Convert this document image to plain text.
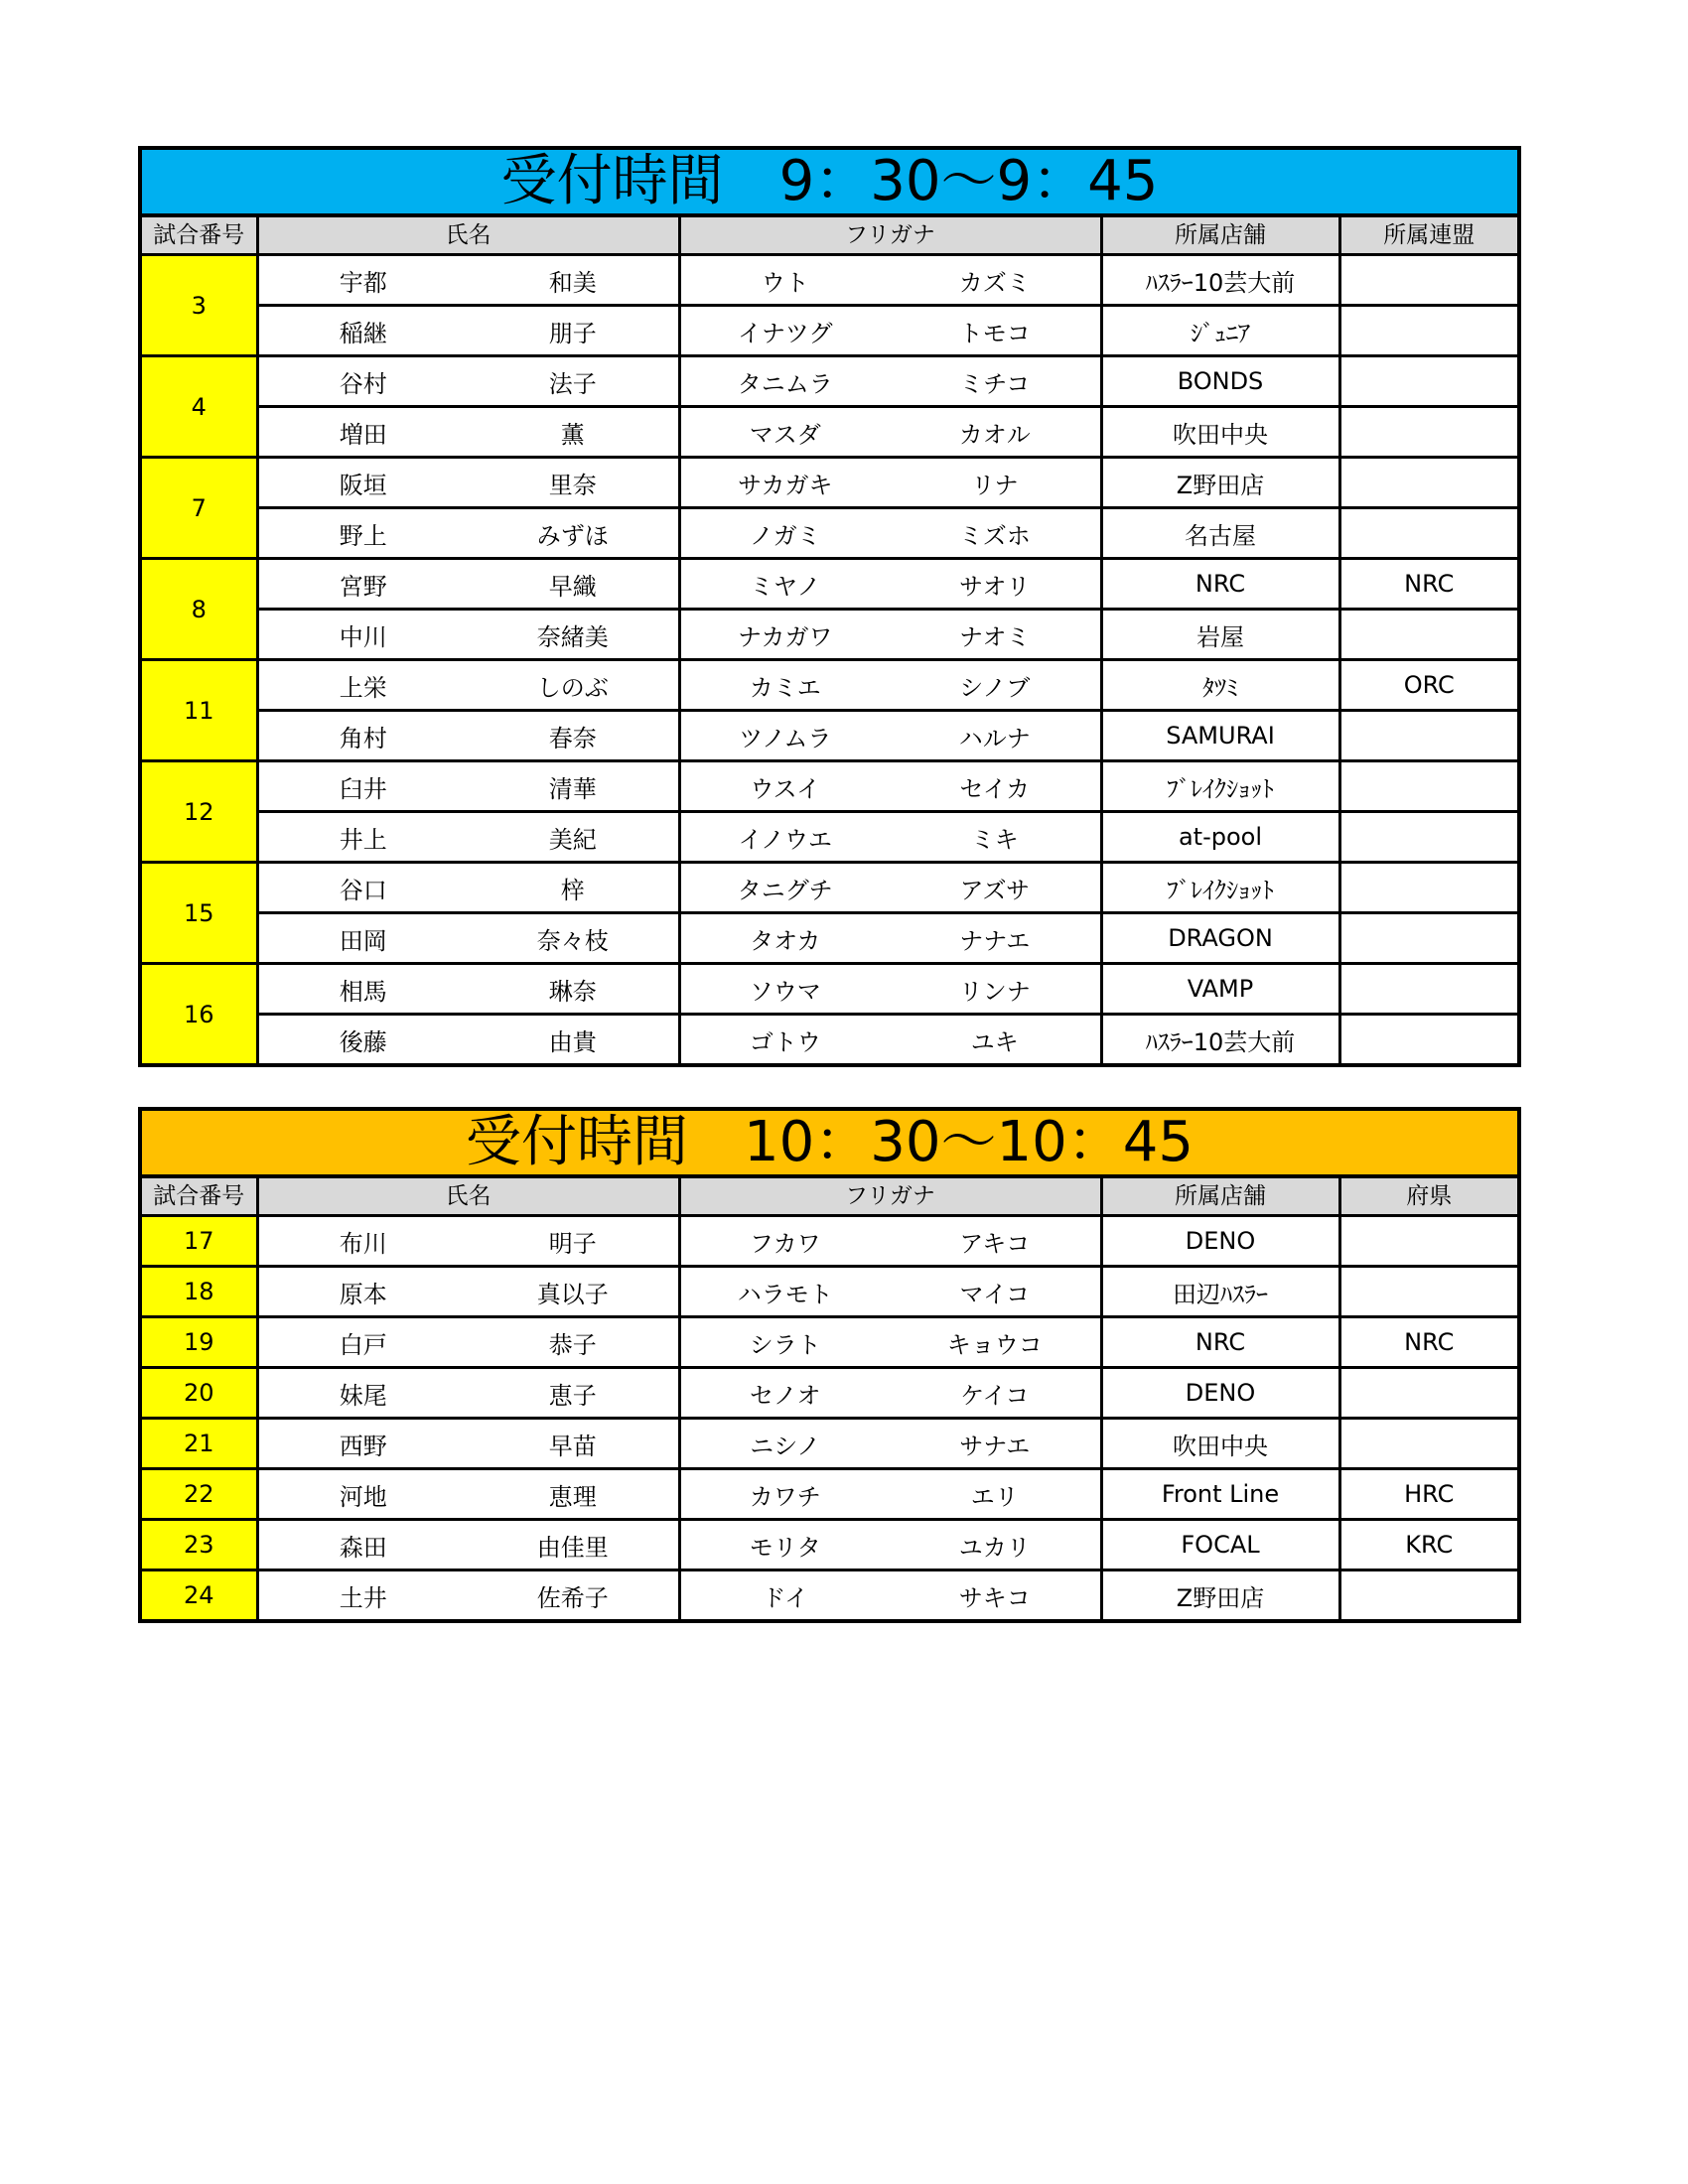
受付時間　9：30～9：45						
試合番号	氏名		フリガナ		所属店舗	所属連盟
3	宇都	和美	ウト	カズミ	ﾊｽﾗｰ10芸大前	
	稲継	朋子	イナツグ	トモコ	ｼﾞｭﾆｱ	
4	谷村	法子	タニムラ	ミチコ	BONDS	
	増田	薫	マスダ	カオル	吹田中央	
7	阪垣	里奈	サカガキ	リナ	Z野田店	
	野上	みずほ	ノガミ	ミズホ	名古屋	
8	宮野	早織	ミヤノ	サオリ	NRC	NRC
	中川	奈緒美	ナカガワ	ナオミ	岩屋	
11	上栄	しのぶ	カミエ	シノブ	ﾀﾂﾐ	ORC
	角村	春奈	ツノムラ	ハルナ	SAMURAI	
12	臼井	清華	ウスイ	セイカ	ﾌﾞﾚｲｸｼｮｯﾄ	
	井上	美紀	イノウエ	ミキ	at-pool	
15	谷口	梓	タニグチ	アズサ	ﾌﾞﾚｲｸｼｮｯﾄ	
	田岡	奈々枝	タオカ	ナナエ	DRAGON	
16	相馬	琳奈	ソウマ	リンナ	VAMP	
	後藤	由貴	ゴトウ	ユキ	ﾊｽﾗｰ10芸大前	
受付時間　10：30～10：45						
試合番号	氏名		フリガナ		所属店舗	府県
17	布川	明子	フカワ	アキコ	DENO	
18	原本	真以子	ハラモト	マイコ	田辺ﾊｽﾗｰ	
19	白戸	恭子	シラト	キョウコ	NRC	NRC
20	妹尾	恵子	セノオ	ケイコ	DENO	
21	西野	早苗	ニシノ	サナエ	吹田中央	
22	河地	恵理	カワチ	エリ	Front Line	HRC
23	森田	由佳里	モリタ	ユカリ	FOCAL	KRC
24	土井	佐希子	ドイ	サキコ	Z野田店	
